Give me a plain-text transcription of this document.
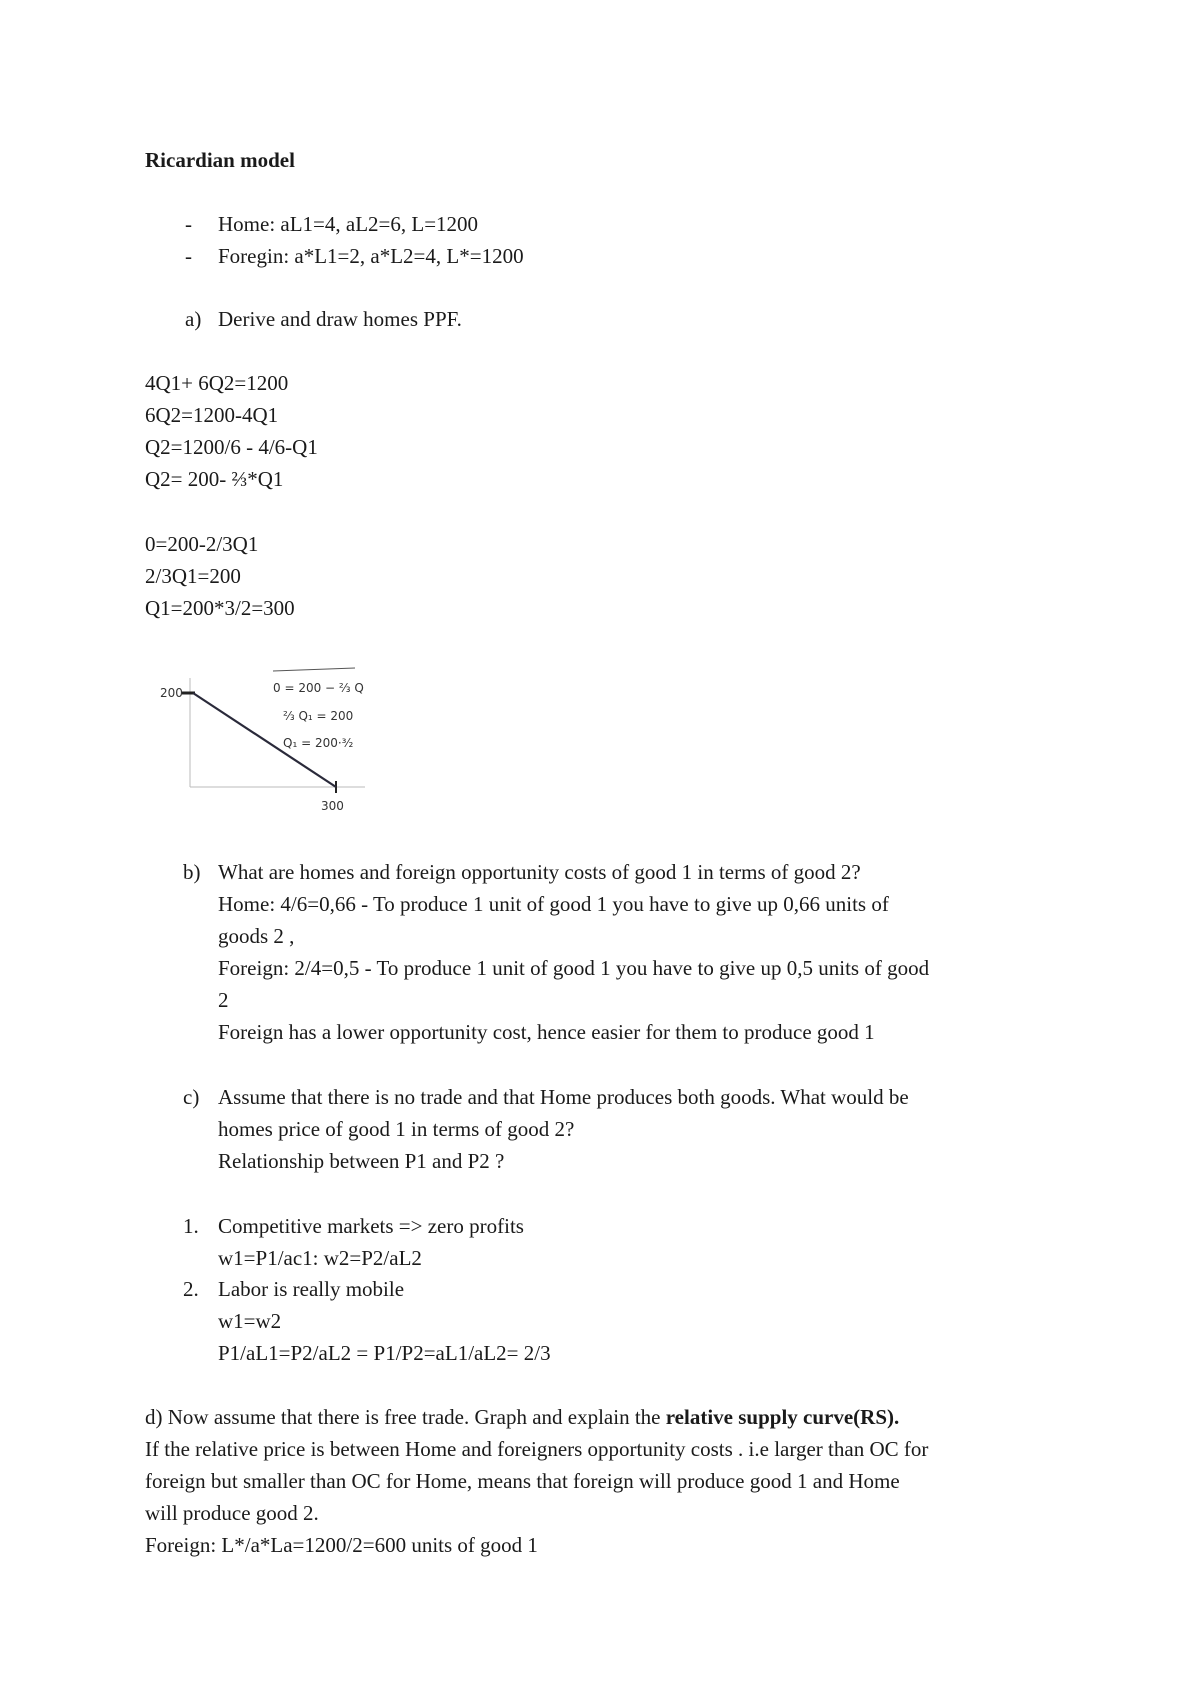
Ricardian model
- Home: aL1=4, aL2=6, L=1200
- Foregin: a*L1=2, a*L2=4, L*=1200
a) Derive and draw homes PPF.
4Q1+ 6Q2=1200
6Q2=1200-4Q1
Q2=1200/6 - 4/6-Q1
Q2= 200- ⅔*Q1
0=200-2/3Q1
2/3Q1=200
Q1=200*3/2=300
200
300
0 = 200 − ⅔ Q
⅔ Q₁ = 200
Q₁ = 200·³⁄₂
b) What are homes and foreign opportunity costs of good 1 in terms of good 2?
Home: 4/6=0,66 - To produce 1 unit of good 1 you have to give up 0,66 units of
goods 2 ,
Foreign: 2/4=0,5 - To produce 1 unit of good 1 you have to give up 0,5 units of good
2
Foreign has a lower opportunity cost, hence easier for them to produce good 1
c) Assume that there is no trade and that Home produces both goods. What would be
homes price of good 1 in terms of good 2?
Relationship between P1 and P2 ?
1. Competitive markets => zero profits
w1=P1/ac1: w2=P2/aL2
2. Labor is really mobile
w1=w2
P1/aL1=P2/aL2 = P1/P2=aL1/aL2= 2/3
d) Now assume that there is free trade. Graph and explain the relative supply curve(RS).
If the relative price is between Home and foreigners opportunity costs . i.e larger than OC for
foreign but smaller than OC for Home, means that foreign will produce good 1 and Home
will produce good 2.
Foreign: L*/a*La=1200/2=600 units of good 1
